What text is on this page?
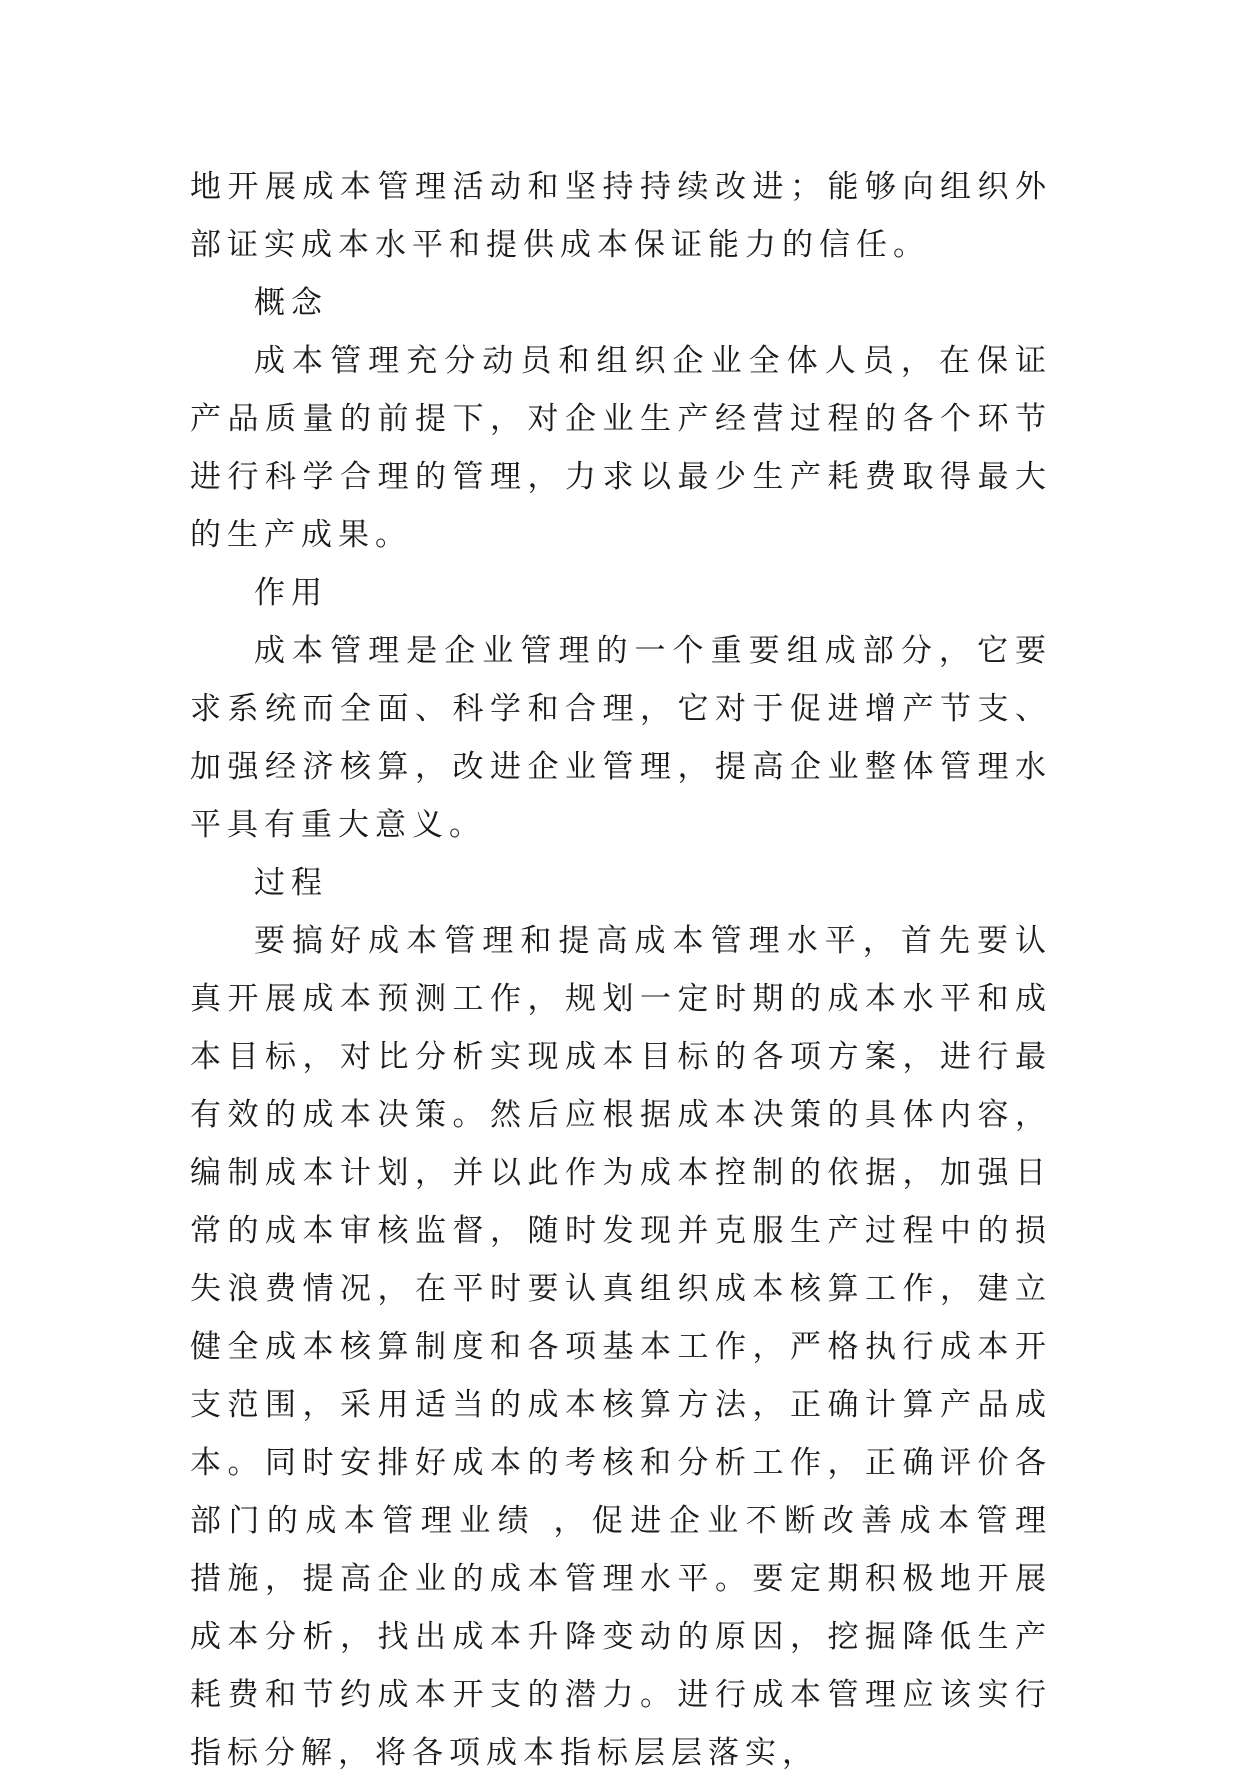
地开展成本管理活动和坚持持续改进；能够向组织外部证实成本水平和提供成本保证能力的信任。

概念

成本管理充分动员和组织企业全体人员，在保证产品质量的前提下，对企业生产经营过程的各个环节进行科学合理的管理，力求以最少生产耗费取得最大的生产成果。

作用

成本管理是企业管理的一个重要组成部分，它要求系统而全面、科学和合理，它对于促进增产节支、加强经济核算，改进企业管理，提高企业整体管理水平具有重大意义。

过程

要搞好成本管理和提高成本管理水平，首先要认真开展成本预测工作，规划一定时期的成本水平和成本目标，对比分析实现成本目标的各项方案，进行最有效的成本决策。然后应根据成本决策的具体内容，编制成本计划，并以此作为成本控制的依据，加强日常的成本审核监督，随时发现并克服生产过程中的损失浪费情况，在平时要认真组织成本核算工作，建立健全成本核算制度和各项基本工作，严格执行成本开支范围，采用适当的成本核算方法，正确计算产品成本。同时安排好成本的考核和分析工作，正确评价各部门的成本管理业绩 ，促进企业不断改善成本管理措施，提高企业的成本管理水平。要定期积极地开展成本分析，找出成本升降变动的原因，挖掘降低生产耗费和节约成本开支的潜力。进行成本管理应该实行指标分解，将各项成本指标层层落实，
